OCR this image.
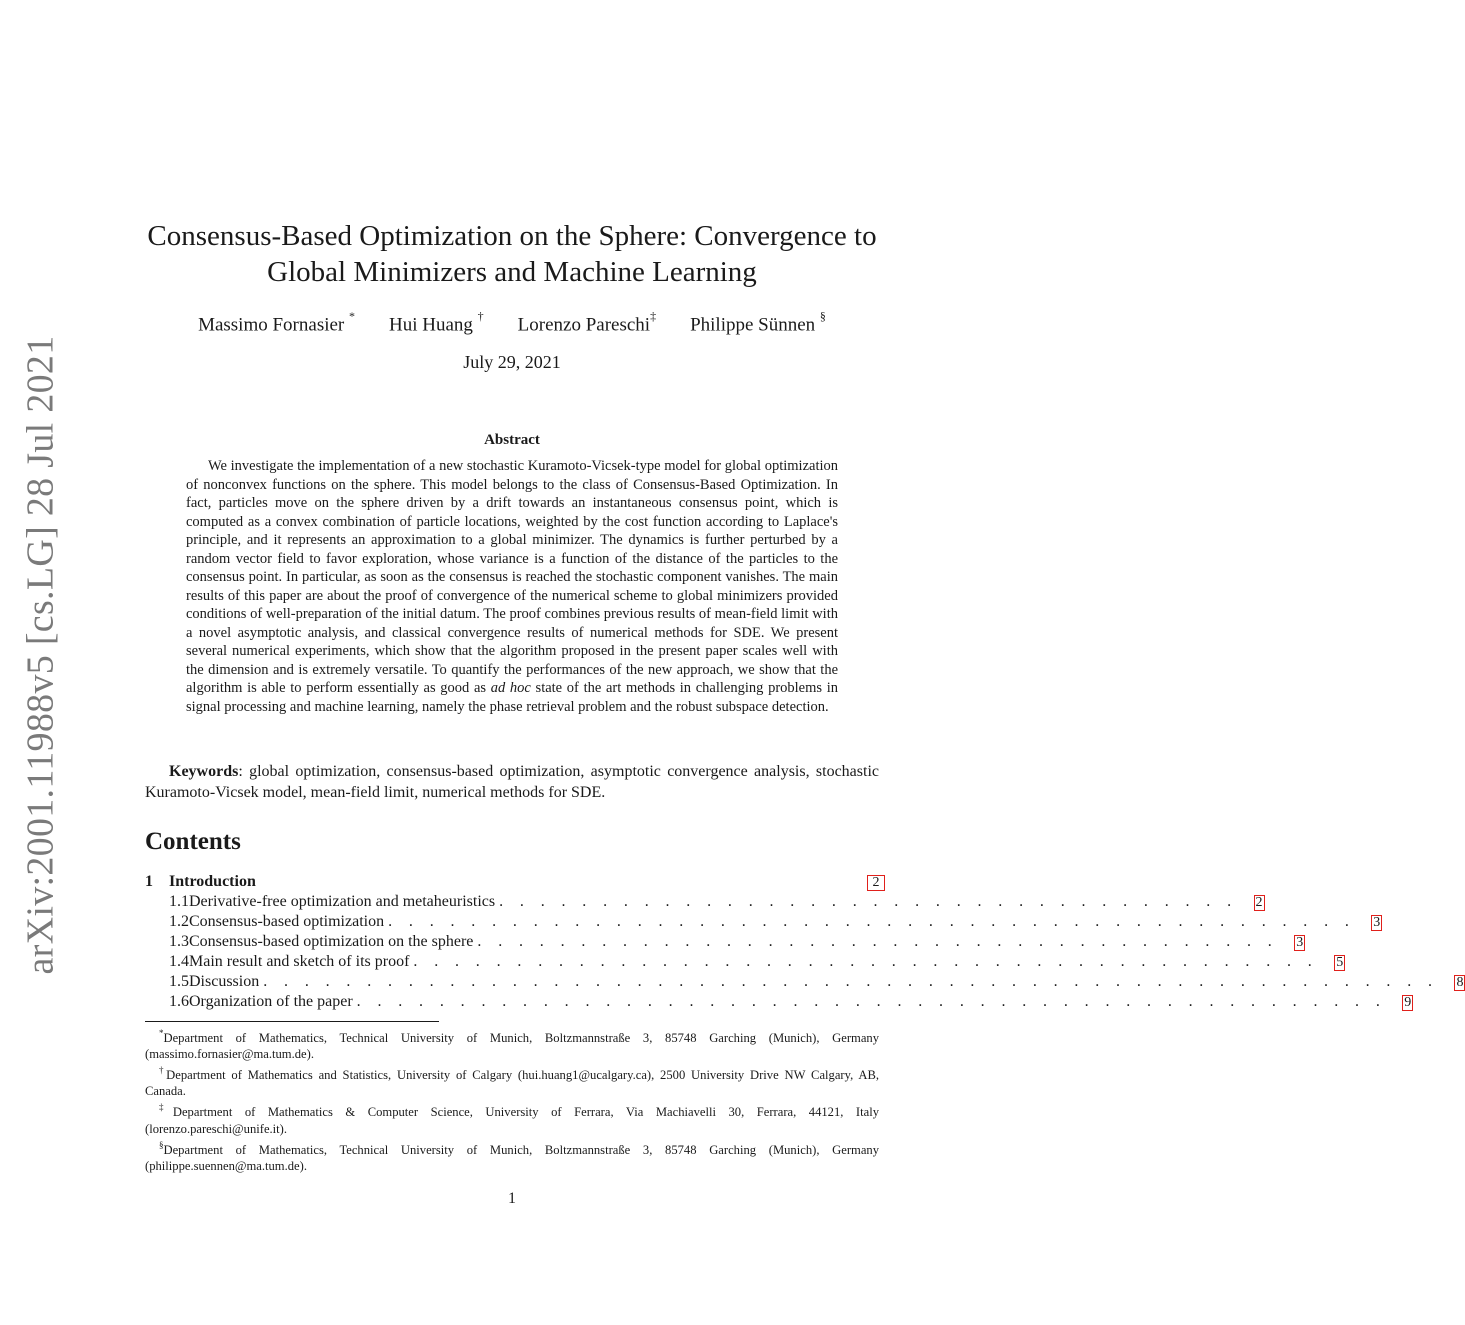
arXiv:2001.11988v5 [cs.LG] 28 Jul 2021
Consensus-Based Optimization on the Sphere: Convergence to
Global Minimizers and Machine Learning
Massimo Fornasier * Hui Huang † Lorenzo Pareschi‡ Philippe Sünnen §
July 29, 2021
Abstract

We investigate the implementation of a new stochastic Kuramoto-Vicsek-type model for global optimization of nonconvex functions on the sphere. This model belongs to the class of Consensus-Based Optimization. In fact, particles move on the sphere driven by a drift towards an instantaneous consensus point, which is computed as a convex combination of particle locations, weighted by the cost function according to Laplace's principle, and it represents an approximation to a global minimizer. The dynamics is further perturbed by a random vector field to favor exploration, whose variance is a function of the distance of the particles to the consensus point. In particular, as soon as the consensus is reached the stochastic component vanishes. The main results of this paper are about the proof of convergence of the numerical scheme to global minimizers provided conditions of well-preparation of the initial datum. The proof combines previous results of mean-field limit with a novel asymptotic analysis, and classical convergence results of numerical methods for SDE. We present several numerical experiments, which show that the algorithm proposed in the present paper scales well with the dimension and is extremely versatile. To quantify the performances of the new approach, we show that the algorithm is able to perform essentially as good as ad hoc state of the art methods in challenging problems in signal processing and machine learning, namely the phase retrieval problem and the robust subspace detection.

Keywords: global optimization, consensus-based optimization, asymptotic convergence analysis, stochastic Kuramoto-Vicsek model, mean-field limit, numerical methods for SDE.

Contents
1	Introduction	2
1.1 Derivative-free optimization and metaheuristics . . . . . . . . . . . . . . . . . . . . . . . . . . . . . . . . . . . . 2
1.2 Consensus-based optimization . . . . . . . . . . . . . . . . . . . . . . . . . . . . . . . . . . . . . . . . . . . . . . . 3
1.3 Consensus-based optimization on the sphere . . . . . . . . . . . . . . . . . . . . . . . . . . . . . . . . . . . . . . . 3
1.4 Main result and sketch of its proof . . . . . . . . . . . . . . . . . . . . . . . . . . . . . . . . . . . . . . . . . . . . 5
1.5 Discussion . . . . . . . . . . . . . . . . . . . . . . . . . . . . . . . . . . . . . . . . . . . . . . . . . . . . . . . . . 8
1.6 Organization of the paper . . . . . . . . . . . . . . . . . . . . . . . . . . . . . . . . . . . . . . . . . . . . . . . . . . 9

*Department of Mathematics, Technical University of Munich, Boltzmannstraße 3, 85748 Garching (Munich), Germany (massimo.fornasier@ma.tum.de).

†Department of Mathematics and Statistics, University of Calgary (hui.huang1@ucalgary.ca), 2500 University Drive NW Calgary, AB, Canada.

‡Department of Mathematics & Computer Science, University of Ferrara, Via Machiavelli 30, Ferrara, 44121, Italy (lorenzo.pareschi@unife.it).

§Department of Mathematics, Technical University of Munich, Boltzmannstraße 3, 85748 Garching (Munich), Germany (philippe.suennen@ma.tum.de).

1
